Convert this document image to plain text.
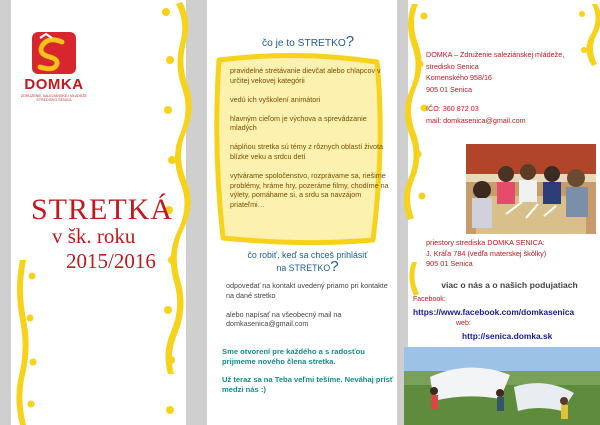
DOMKA
ZDRUŽENIE SALEZIÁNSKEJ MLÁDEŽE
STREDISKO SENICA
STRETKÁ
v šk. roku
2015/2016
čo je to STRETKO?

pravidelné stretávanie dievčat alebo chlapcov v určitej vekovej kategórii

vedú ich vyškolení animátori

hlavným cieľom je výchova a sprevádzanie mladých

náplňou stretka sú témy z rôznych oblastí života blízke veku a srdcu detí

vytvárame spoločenstvo, rozprávame sa, riešime problémy, hráme hry, pozeráme filmy, chodíme na výlety, pomáhame si, a srdu sa navzájom priateľmi…

čo robiť, keď sa chceš prihlásiť
na STRETKO?

odpovedať na kontakt uvedený priamo pri kontakte na dané stretko

alebo napísať na všeobecný mail na domkasenica@gmail.com

Sme otvorení pre každého a s radosťou prijmeme nového člena stretka.

Už teraz sa na Teba veľmi tešíme. Neváhaj prísť medzi nás :)

DOMKA – Združenie saleziánskej mládeže,
stredisko Senica
Komenského 958/16
905 01 Senica
IČO: 360 872 03
mail: domkasenica@gmail.com
priestory strediska DOMKA SENICA:
J. Kráľa 784 (vedľa materskej škôlky)
905 01 Senica
viac o nás a o našich podujatiach
Facebook:
https://www.facebook.com/domkasenica
web:
http://senica.domka.sk
